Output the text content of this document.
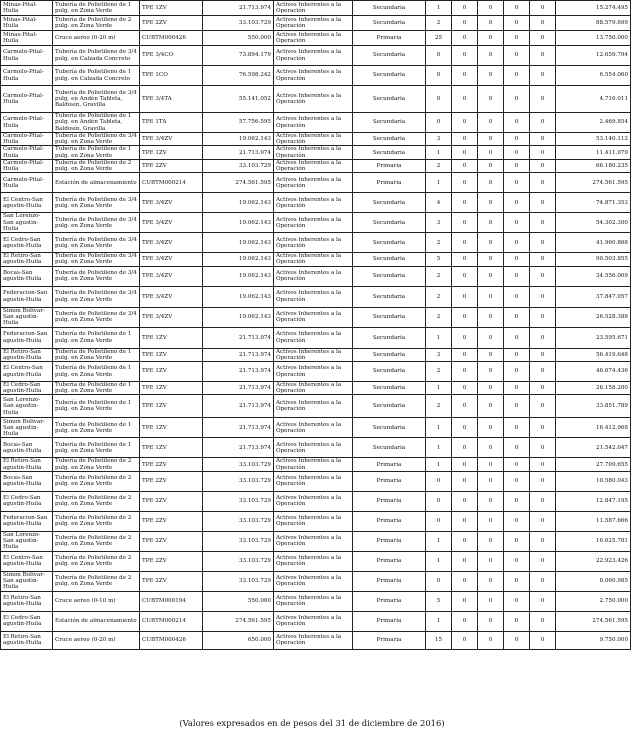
Minas-Pital-Huila	Tubería de Polietileno de 1 pulg. en Zona Verde	TPE 1ZV	21.713.974	Activos Inherentes a la Operación	Secundaria	1	0	0	0	0	15.274.495
Minas-Pital-Huila	Tubería de Polietileno de 2 pulg. en Zona Verde	TPE 2ZV	33.103.729	Activos Inherentes a la Operación	Secundaria	2	0	0	0	0	88.579.699
Minas-Pital-Huila	Cruce aereo (0-20 m)	CUBTM000426	550.000	Activos Inherentes a la Operación	Primaria	25	0	0	0	0	13.750.000
Carmelo-Pital-Huila	Tubería de Polietileno de 3/4 pulg. en Calzada Concreto	TPE 3/4CO	73.894.179	Activos Inherentes a la Operación	Secundaria	0	0	0	0	0	12.659.794
Carmelo-Pital-Huila	Tubería de Polietileno de 1 pulg. en Calzada Concreto	TPE 1CO	76.598.242	Activos Inherentes a la Operación	Secundaria	0	0	0	0	0	6.554.060
Carmelo-Pital-Huila	Tubería de Polietileno de 3/4 pulg. en Andén Tableta, Baldosín, Gravilla	TPE 3/4TA	55.141.052	Activos Inherentes a la Operación	Secundaria	0	0	0	0	0	4.716.011
Carmelo-Pital-Huila	Tubería de Polietileno de 1 pulg. en Andén Tableta, Baldosín, Gravilla	TPE 1TA	57.756.595	Activos Inherentes a la Operación	Secundaria	0	0	0	0	0	2.469.854
Carmelo-Pital-Huila	Tubería de Polietileno de 3/4 pulg. en Zona Verde	TPE 3/4ZV	19.062.143	Activos Inherentes a la Operación	Secundaria	3	0	0	0	0	53.140.112
Carmelo-Pital-Huila	Tubería de Polietileno de 1 pulg. en Zona Verde	TPE 1ZV	21.713.974	Activos Inherentes a la Operación	Secundaria	1	0	0	0	0	11.411.979
Carmelo-Pital-Huila	Tubería de Polietileno de 2 pulg. en Zona Verde	TPE 2ZV	33.103.729	Activos Inherentes a la Operación	Primaria	2	0	0	0	0	66.180.235
Carmelo-Pital-Huila	Estación de almacenamiento	CUBTM000214	274.561.595	Activos Inherentes a la Operación	Primaria	1	0	0	0	0	274.561.595
El Centro-San agustin-Huila	Tubería de Polietileno de 3/4 pulg. en Zona Verde	TPE 3/4ZV	19.062.143	Activos Inherentes a la Operación	Secundaria	4	0	0	0	0	74.871.353
San Lorenzo-San agustin-Huila	Tubería de Polietileno de 3/4 pulg. en Zona Verde	TPE 3/4ZV	19.062.143	Activos Inherentes a la Operación	Secundaria	3	0	0	0	0	54.302.300
El Cedro-San agustin-Huila	Tubería de Polietileno de 3/4 pulg. en Zona Verde	TPE 3/4ZV	19.062.143	Activos Inherentes a la Operación	Secundaria	2	0	0	0	0	41.960.868
El Retiro-San agustin-Huila	Tubería de Polietileno de 3/4 pulg. en Zona Verde	TPE 3/4ZV	19.062.143	Activos Inherentes a la Operación	Secundaria	5	0	0	0	0	90.503.855
Bocas-San agustin-Huila	Tubería de Polietileno de 3/4 pulg. en Zona Verde	TPE 3/4ZV	19.062.143	Activos Inherentes a la Operación	Secundaria	2	0	0	0	0	34.556.009
Federacion-San agustin-Huila	Tubería de Polietileno de 3/4 pulg. en Zona Verde	TPE 3/4ZV	19.062.143	Activos Inherentes a la Operación	Secundaria	2	0	0	0	0	37.847.057
Simon Bolivar-San agustin-Huila	Tubería de Polietileno de 3/4 pulg. en Zona Verde	TPE 3/4ZV	19.062.143	Activos Inherentes a la Operación	Secundaria	2	0	0	0	0	26.528.388
Federacion-San agustin-Huila	Tubería de Polietileno de 1 pulg. en Zona Verde	TPE 1ZV	21.713.974	Activos Inherentes a la Operación	Secundaria	1	0	0	0	0	23.595.671
El Retiro-San agustin-Huila	Tubería de Polietileno de 1 pulg. en Zona Verde	TPE 1ZV	21.713.974	Activos Inherentes a la Operación	Secundaria	3	0	0	0	0	56.419.648
El Centro-San agustin-Huila	Tubería de Polietileno de 1 pulg. en Zona Verde	TPE 1ZV	21.713.974	Activos Inherentes a la Operación	Secundaria	2	0	0	0	0	46.674.436
El Cedro-San agustin-Huila	Tubería de Polietileno de 1 pulg. en Zona Verde	TPE 1ZV	21.713.974	Activos Inherentes a la Operación	Secundaria	1	0	0	0	0	26.158.200
San Lorenzo-San agustin-Huila	Tubería de Polietileno de 1 pulg. en Zona Verde	TPE 1ZV	21.713.974	Activos Inherentes a la Operación	Secundaria	2	0	0	0	0	33.851.789
Simon Bolivar-San agustin-Huila	Tubería de Polietileno de 1 pulg. en Zona Verde	TPE 1ZV	21.713.974	Activos Inherentes a la Operación	Secundaria	1	0	0	0	0	16.412.968
Bocas-San agustin-Huila	Tubería de Polietileno de 1 pulg. en Zona Verde	TPE 1ZV	21.713.974	Activos Inherentes a la Operación	Secundaria	1	0	0	0	0	21.542.047
El Retiro-San agustin-Huila	Tubería de Polietileno de 2 pulg. en Zona Verde	TPE 2ZV	33.103.729	Activos Inherentes a la Operación	Primaria	1	0	0	0	0	27.709.655
Bocas-San agustin-Huila	Tubería de Polietileno de 2 pulg. en Zona Verde	TPE 2ZV	33.103.729	Activos Inherentes a la Operación	Primaria	0	0	0	0	0	10.580.043
El Cedro-San agustin-Huila	Tubería de Polietileno de 2 pulg. en Zona Verde	TPE 2ZV	33.103.729	Activos Inherentes a la Operación	Primaria	0	0	0	0	0	12.847.195
Federacion-San agustin-Huila	Tubería de Polietileno de 2 pulg. en Zona Verde	TPE 2ZV	33.103.729	Activos Inherentes a la Operación	Primaria	0	0	0	0	0	11.587.666
San Lorenzo-San agustin-Huila	Tubería de Polietileno de 2 pulg. en Zona Verde	TPE 2ZV	33.103.729	Activos Inherentes a la Operación	Primaria	1	0	0	0	0	16.625.781
El Centro-San agustin-Huila	Tubería de Polietileno de 2 pulg. en Zona Verde	TPE 2ZV	33.103.729	Activos Inherentes a la Operación	Primaria	1	0	0	0	0	22.923.426
Simon Bolivar-San agustin-Huila	Tubería de Polietileno de 2 pulg. en Zona Verde	TPE 2ZV	33.103.729	Activos Inherentes a la Operación	Primaria	0	0	0	0	0	8.060.985
El Retiro-San agustin-Huila	Cruce aereo (0-10 m)	CUBTM000194	550.000	Activos Inherentes a la Operación	Primaria	5	0	0	0	0	2.750.000
El Cedro-San agustin-Huila	Estación de almacenamiento	CUBTM000214	274.561.595	Activos Inherentes a la Operación	Primaria	1	0	0	0	0	274.561.595
El Retiro-San agustin-Huila	Cruce aereo (0-20 m)	CUBTM000426	650.000	Activos Inherentes a la Operación	Primaria	15	0	0	0	0	9.750.000
(Valores expresados en de pesos del 31 de diciembre de 2016)
